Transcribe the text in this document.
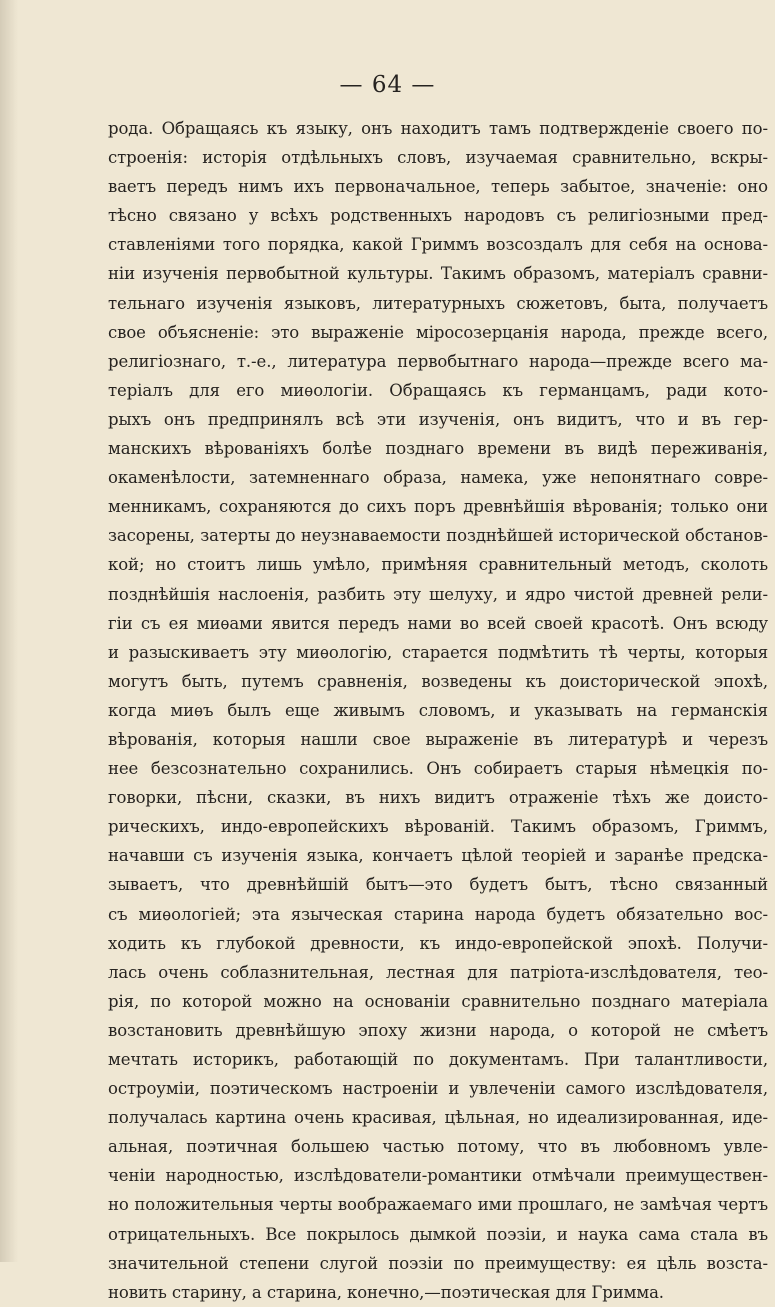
— 64 —
рода. Обращаясь къ языку, онъ находитъ тамъ подтвержденіе своего по-
строенія: исторія отдѣльныхъ словъ, изучаемая сравнительно, вскры-
ваетъ передъ нимъ ихъ первоначальное, теперь забытое, значеніе: оно
тѣсно связано у всѣхъ родственныхъ народовъ съ религіозными пред-
ставленіями того порядка, какой Гриммъ возсоздалъ для себя на основа-
ніи изученія первобытной культуры. Такимъ образомъ, матеріалъ сравни-
тельнаго изученія языковъ, литературныхъ сюжетовъ, быта, получаетъ
свое объясненіе: это выраженіе міросозерцанія народа, прежде всего,
религіознаго, т.-е., литература первобытнаго народа—прежде всего ма-
теріалъ для его миѳологіи. Обращаясь къ германцамъ, ради кото-
рыхъ онъ предпринялъ всѣ эти изученія, онъ видитъ, что и въ гер-
манскихъ вѣрованіяхъ болѣе позднаго времени въ видѣ переживанія,
окаменѣлости, затемненнаго образа, намека, уже непонятнаго совре-
менникамъ, сохраняются до сихъ поръ древнѣйшія вѣрованія; только они
засорены, затерты до неузнаваемости позднѣйшей исторической обстанов-
кой; но стоитъ лишь умѣло, примѣняя сравнительный методъ, сколоть
позднѣйшія наслоенія, разбить эту шелуху, и ядро чистой древней рели-
гіи съ ея миѳами явится передъ нами во всей своей красотѣ. Онъ всюду
и разыскиваетъ эту миѳологію, старается подмѣтить тѣ черты, которыя
могутъ быть, путемъ сравненія, возведены къ доисторической эпохѣ,
когда миѳъ былъ еще живымъ словомъ, и указывать на германскія
вѣрованія, которыя нашли свое выраженіе въ литературѣ и черезъ
нее безсознательно сохранились. Онъ собираетъ старыя нѣмецкія по-
говорки, пѣсни, сказки, въ нихъ видитъ отраженіе тѣхъ же доисто-
рическихъ, индо-европейскихъ вѣрованій. Такимъ образомъ, Гриммъ,
начавши съ изученія языка, кончаетъ цѣлой теоріей и заранѣе предска-
зываетъ, что древнѣйшій бытъ—это будетъ бытъ, тѣсно связанный
съ миѳологіей; эта языческая старина народа будетъ обязательно вос-
ходить къ глубокой древности, къ индо-европейской эпохѣ. Получи-
лась очень соблазнительная, лестная для патріота-изслѣдователя, тео-
рія, по которой можно на основаніи сравнительно позднаго матеріала
возстановить древнѣйшую эпоху жизни народа, о которой не смѣетъ
мечтать историкъ, работающій по документамъ. При талантливости,
остроуміи, поэтическомъ настроеніи и увлеченіи самого изслѣдователя,
получалась картина очень красивая, цѣльная, но идеализированная, иде-
альная, поэтичная большею частью потому, что въ любовномъ увле-
ченіи народностью, изслѣдователи-романтики отмѣчали преимуществен-
но положительныя черты воображаемаго ими прошлаго, не замѣчая чертъ
отрицательныхъ. Все покрылось дымкой поэзіи, и наука сама стала въ
значительной степени слугой поэзіи по преимуществу: ея цѣль возста-
новить старину, а старина, конечно,—поэтическая для Гримма.
